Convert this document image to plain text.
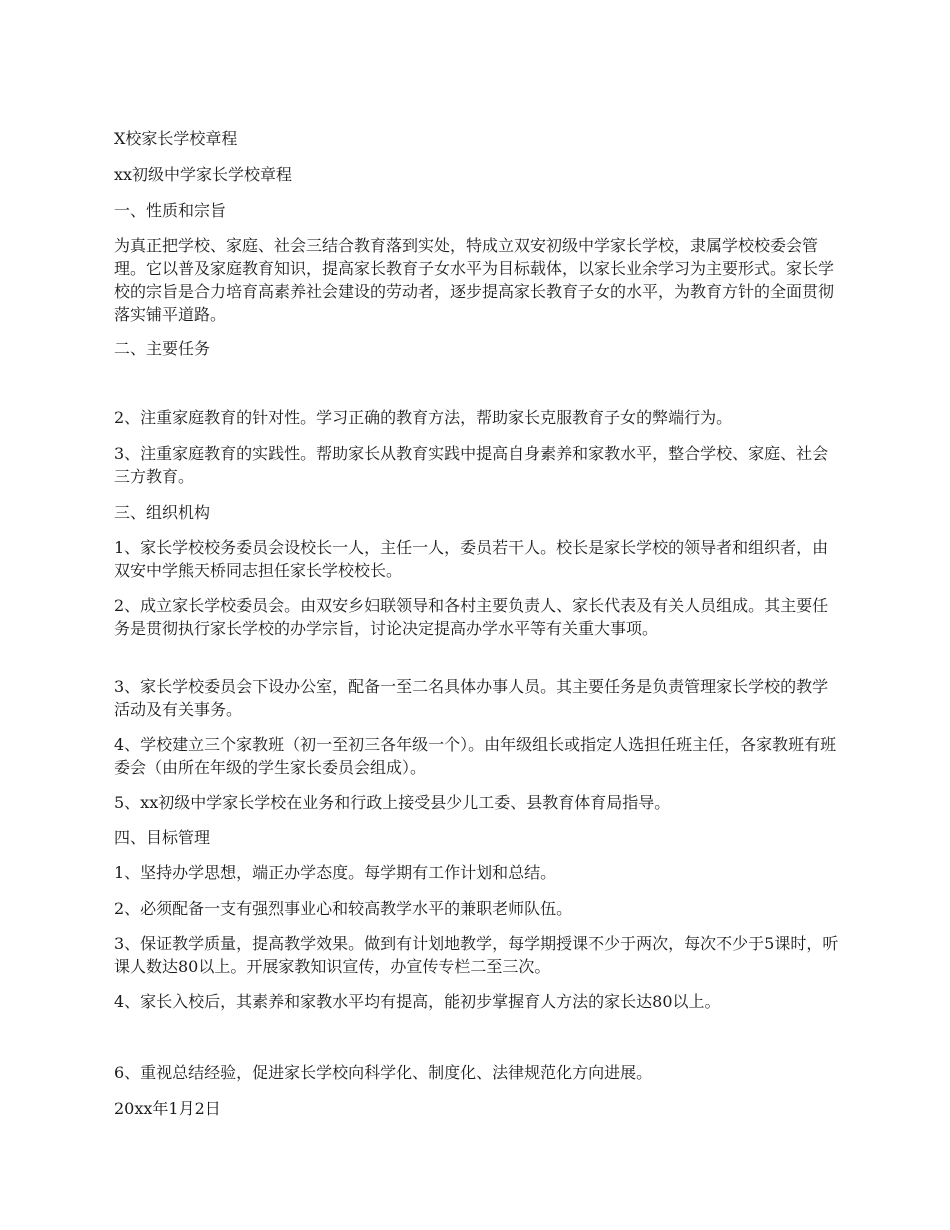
X校家长学校章程
xx初级中学家长学校章程
一、性质和宗旨
为真正把学校、家庭、社会三结合教育落到实处，特成立双安初级中学家长学校，隶属学校校委会管理。它以普及家庭教育知识，提高家长教育子女水平为目标载体，以家长业余学习为主要形式。家长学校的宗旨是合力培育高素养社会建设的劳动者，逐步提高家长教育子女的水平，为教育方针的全面贯彻落实铺平道路。
二、主要任务
2、注重家庭教育的针对性。学习正确的教育方法，帮助家长克服教育子女的弊端行为。
3、注重家庭教育的实践性。帮助家长从教育实践中提高自身素养和家教水平，整合学校、家庭、社会三方教育。
三、组织机构
1、家长学校校务委员会设校长一人，主任一人，委员若干人。校长是家长学校的领导者和组织者，由双安中学熊天桥同志担任家长学校校长。
2、成立家长学校委员会。由双安乡妇联领导和各村主要负责人、家长代表及有关人员组成。其主要任务是贯彻执行家长学校的办学宗旨，讨论决定提高办学水平等有关重大事项。
3、家长学校委员会下设办公室，配备一至二名具体办事人员。其主要任务是负责管理家长学校的教学活动及有关事务。
4、学校建立三个家教班（初一至初三各年级一个）。由年级组长或指定人选担任班主任，各家教班有班委会（由所在年级的学生家长委员会组成）。
5、xx初级中学家长学校在业务和行政上接受县少儿工委、县教育体育局指导。
四、目标管理
1、坚持办学思想，端正办学态度。每学期有工作计划和总结。
2、必须配备一支有强烈事业心和较高教学水平的兼职老师队伍。
3、保证教学质量，提高教学效果。做到有计划地教学，每学期授课不少于两次，每次不少于5课时，听课人数达80以上。开展家教知识宣传，办宣传专栏二至三次。
4、家长入校后，其素养和家教水平均有提高，能初步掌握育人方法的家长达80以上。
6、重视总结经验，促进家长学校向科学化、制度化、法律规范化方向进展。
20xx年1月2日
